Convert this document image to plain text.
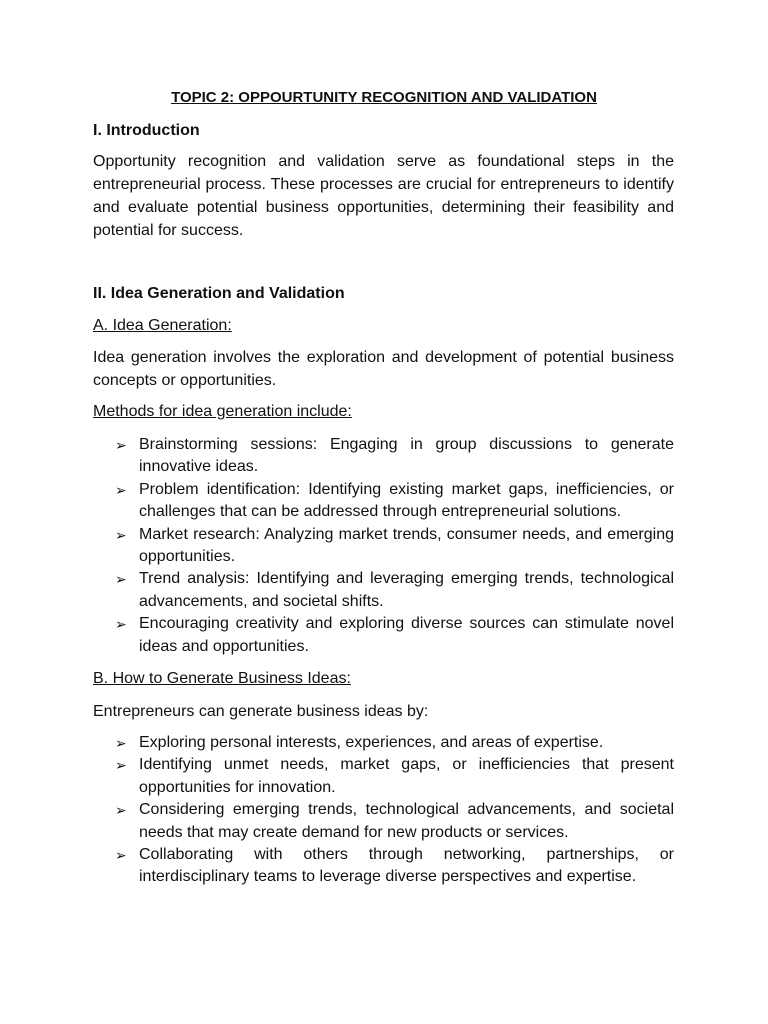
TOPIC 2: OPPOURTUNITY RECOGNITION AND VALIDATION

I. Introduction

Opportunity recognition and validation serve as foundational steps in the entrepreneurial process. These processes are crucial for entrepreneurs to identify and evaluate potential business opportunities, determining their feasibility and potential for success.

II. Idea Generation and Validation

A. Idea Generation:

Idea generation involves the exploration and development of potential business concepts or opportunities.

Methods for idea generation include:

➢ Brainstorming sessions: Engaging in group discussions to generate innovative ideas.
➢ Problem identification: Identifying existing market gaps, inefficiencies, or challenges that can be addressed through entrepreneurial solutions.
➢ Market research: Analyzing market trends, consumer needs, and emerging opportunities.
➢ Trend analysis: Identifying and leveraging emerging trends, technological advancements, and societal shifts.
➢ Encouraging creativity and exploring diverse sources can stimulate novel ideas and opportunities.

B. How to Generate Business Ideas:

Entrepreneurs can generate business ideas by:

➢ Exploring personal interests, experiences, and areas of expertise.
➢ Identifying unmet needs, market gaps, or inefficiencies that present opportunities for innovation.
➢ Considering emerging trends, technological advancements, and societal needs that may create demand for new products or services.
➢ Collaborating with others through networking, partnerships, or interdisciplinary teams to leverage diverse perspectives and expertise.
